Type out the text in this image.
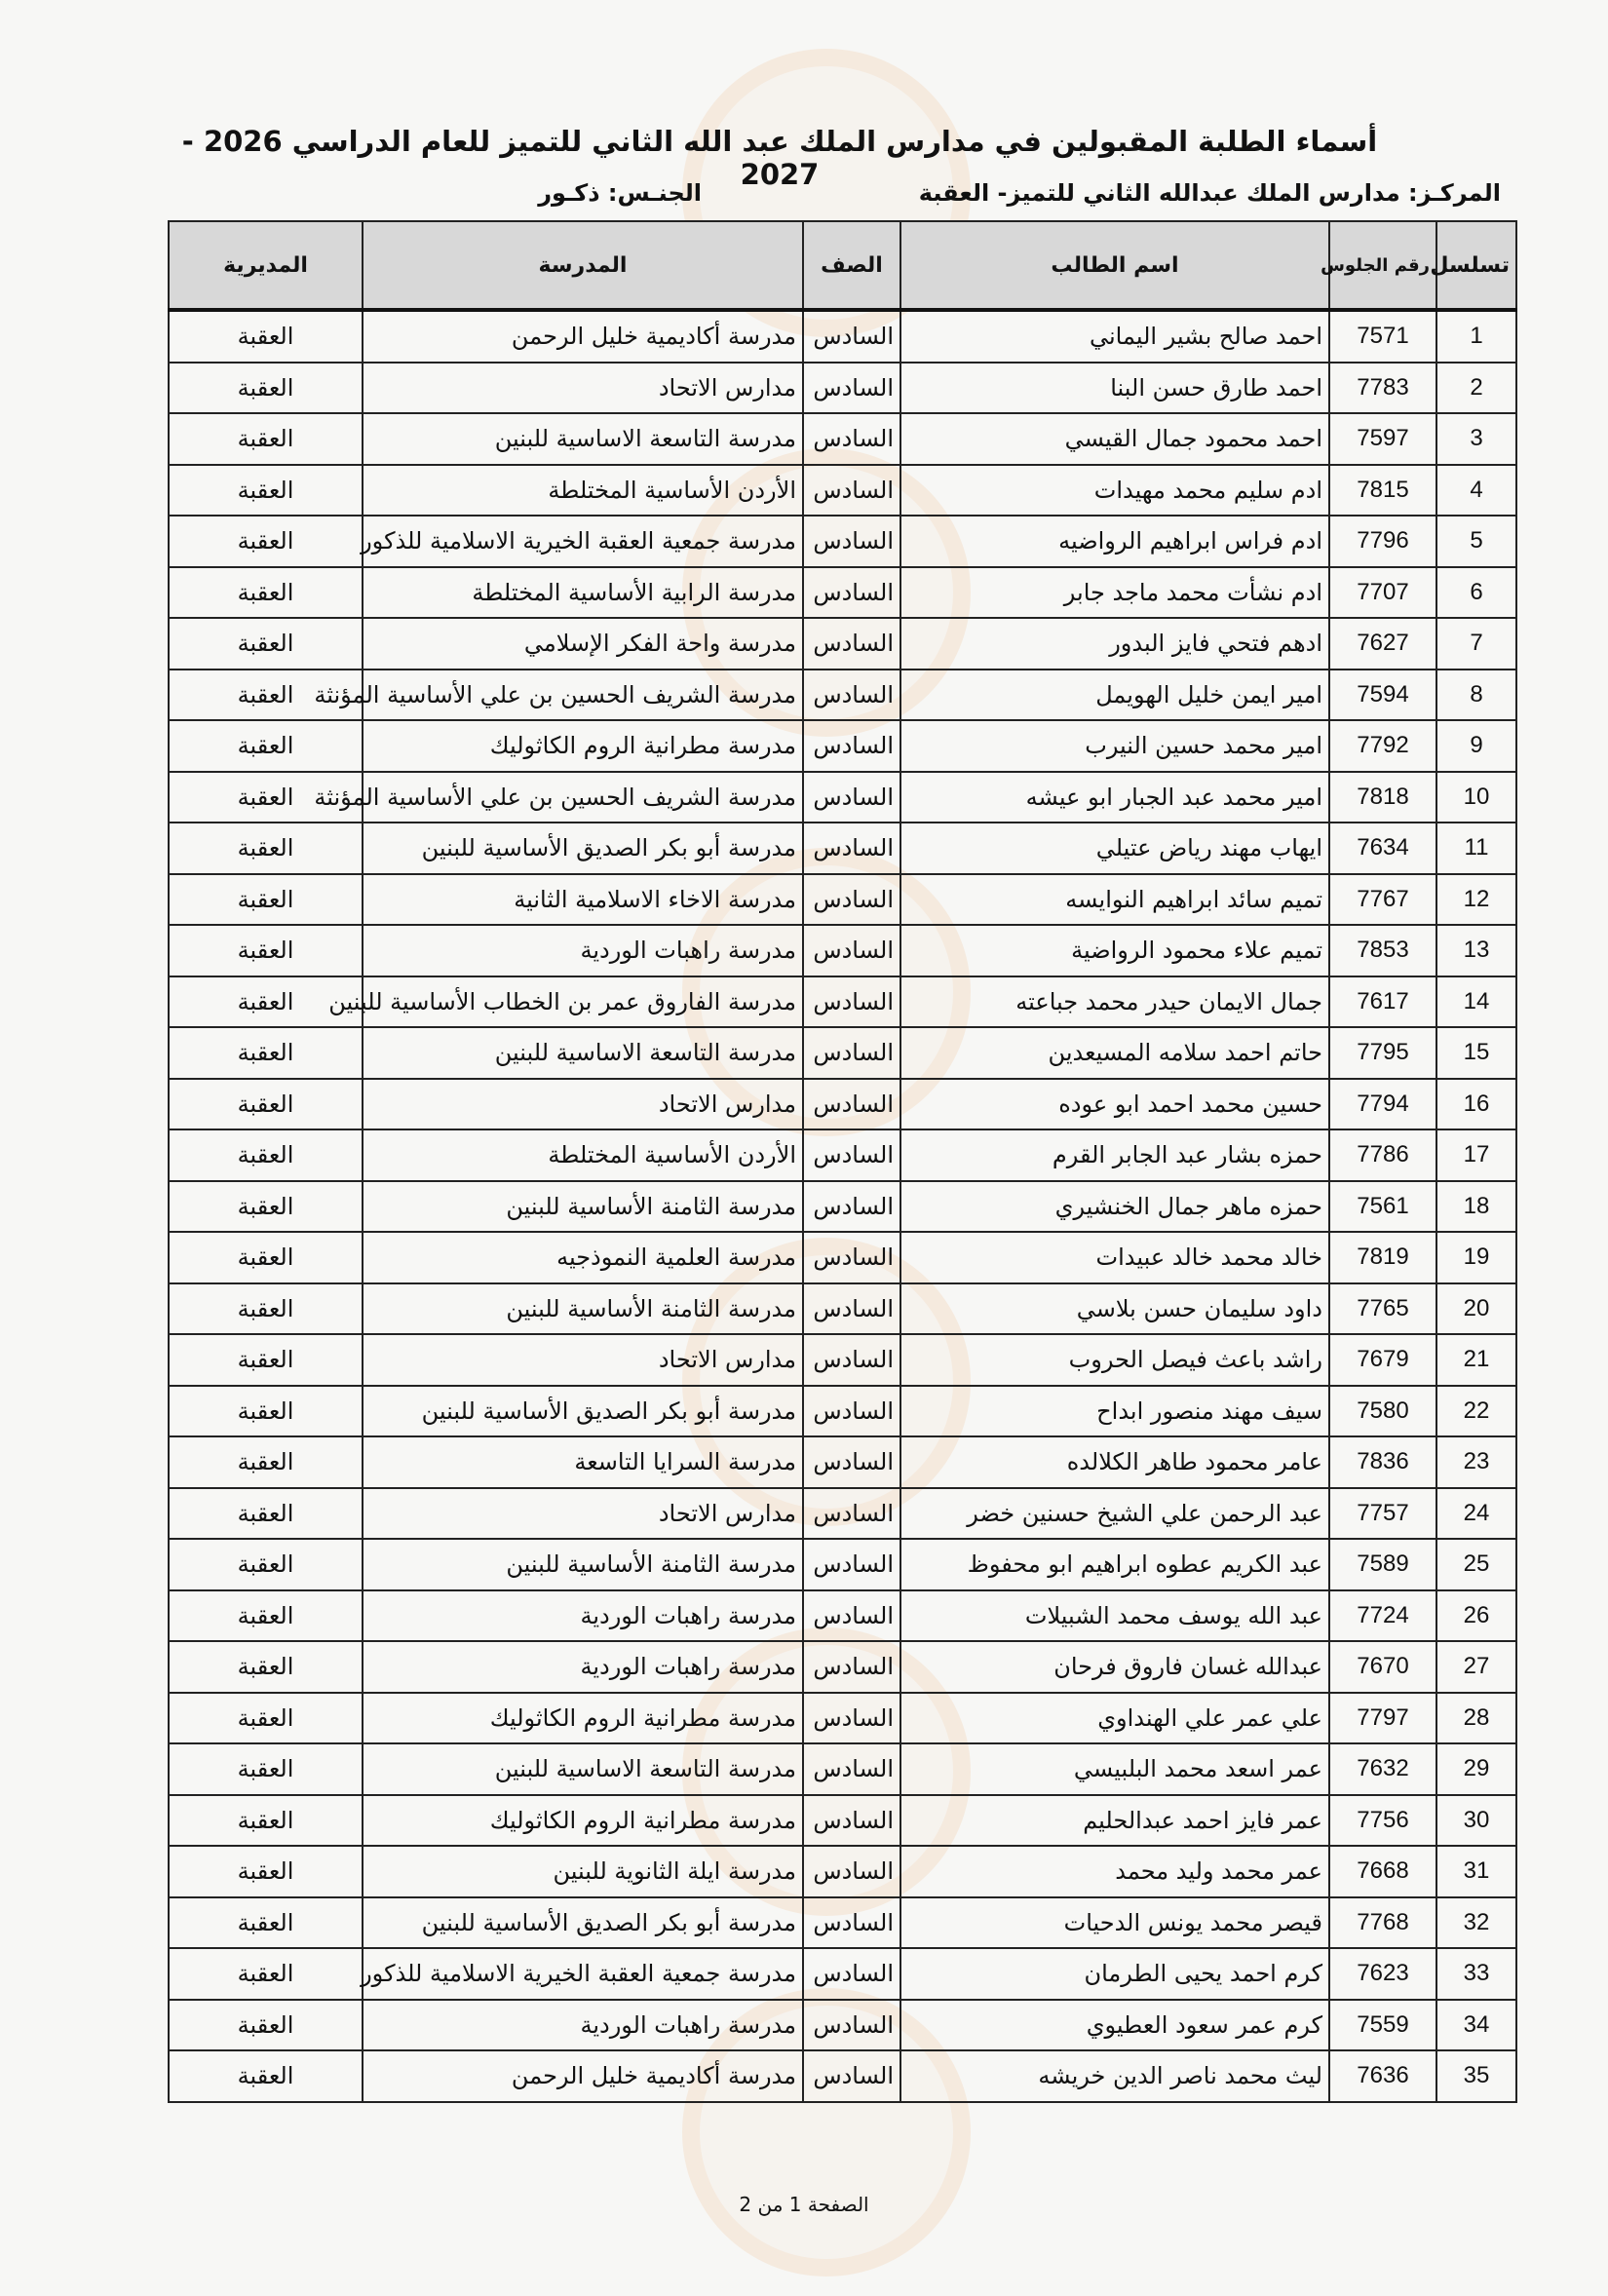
أسماء الطلبة المقبولين في مدارس الملك عبد الله الثاني للتميز للعام الدراسي 2026 - 2027
المركـز: مدارس الملك عبدالله الثاني للتميز- العقبة
الجنـس: ذكـور
تسلسل	رقم الجلوس	اسم الطالب	الصف	المدرسة	المديرية
1	7571	احمد صالح بشير اليماني	السادس	مدرسة أكاديمية خليل الرحمن	العقبة
2	7783	احمد طارق حسن البنا	السادس	مدارس الاتحاد	العقبة
3	7597	احمد محمود جمال القيسي	السادس	مدرسة التاسعة الاساسية للبنين	العقبة
4	7815	ادم سليم محمد مهيدات	السادس	الأردن الأساسية المختلطة	العقبة
5	7796	ادم فراس ابراهيم الرواضيه	السادس	مدرسة جمعية العقبة الخيرية الاسلامية للذكور	العقبة
6	7707	ادم نشأت محمد ماجد جابر	السادس	مدرسة الرابية الأساسية المختلطة	العقبة
7	7627	ادهم فتحي فايز البدور	السادس	مدرسة واحة الفكر الإسلامي	العقبة
8	7594	امير ايمن خليل الهويمل	السادس	مدرسة الشريف الحسين بن علي الأساسية المؤنثة	العقبة
9	7792	امير محمد حسين النيرب	السادس	مدرسة مطرانية الروم الكاثوليك	العقبة
10	7818	امير محمد عبد الجبار ابو عيشه	السادس	مدرسة الشريف الحسين بن علي الأساسية المؤنثة	العقبة
11	7634	ايهاب مهند رياض عتيلي	السادس	مدرسة أبو بكر الصديق الأساسية للبنين	العقبة
12	7767	تميم سائد ابراهيم النوايسه	السادس	مدرسة الاخاء الاسلامية الثانية	العقبة
13	7853	تميم علاء محمود الرواضية	السادس	مدرسة راهبات الوردية	العقبة
14	7617	جمال الايمان حيدر محمد جباعته	السادس	مدرسة الفاروق عمر بن الخطاب الأساسية للبنين	العقبة
15	7795	حاتم احمد سلامه المسيعدين	السادس	مدرسة التاسعة الاساسية للبنين	العقبة
16	7794	حسين محمد احمد ابو عوده	السادس	مدارس الاتحاد	العقبة
17	7786	حمزه بشار عبد الجابر القرم	السادس	الأردن الأساسية المختلطة	العقبة
18	7561	حمزه ماهر جمال الخنشيري	السادس	مدرسة الثامنة الأساسية للبنين	العقبة
19	7819	خالد محمد خالد عبيدات	السادس	مدرسة العلمية النموذجيه	العقبة
20	7765	داود سليمان حسن بلاسي	السادس	مدرسة الثامنة الأساسية للبنين	العقبة
21	7679	راشد باعث فيصل الحروب	السادس	مدارس الاتحاد	العقبة
22	7580	سيف مهند منصور ابداح	السادس	مدرسة أبو بكر الصديق الأساسية للبنين	العقبة
23	7836	عامر محمود طاهر الكلالده	السادس	مدرسة السرايا التاسعة	العقبة
24	7757	عبد الرحمن علي الشيخ حسنين خضر	السادس	مدارس الاتحاد	العقبة
25	7589	عبد الكريم عطوه ابراهيم ابو محفوظ	السادس	مدرسة الثامنة الأساسية للبنين	العقبة
26	7724	عبد الله يوسف محمد الشبيلات	السادس	مدرسة راهبات الوردية	العقبة
27	7670	عبدالله غسان فاروق فرحان	السادس	مدرسة راهبات الوردية	العقبة
28	7797	علي عمر علي الهنداوي	السادس	مدرسة مطرانية الروم الكاثوليك	العقبة
29	7632	عمر اسعد محمد البلبيسي	السادس	مدرسة التاسعة الاساسية للبنين	العقبة
30	7756	عمر فايز احمد عبدالحليم	السادس	مدرسة مطرانية الروم الكاثوليك	العقبة
31	7668	عمر محمد وليد محمد	السادس	مدرسة ايلة الثانوية للبنين	العقبة
32	7768	قيصر محمد يونس الدحيات	السادس	مدرسة أبو بكر الصديق الأساسية للبنين	العقبة
33	7623	كرم احمد يحيى الطرمان	السادس	مدرسة جمعية العقبة الخيرية الاسلامية للذكور	العقبة
34	7559	كرم عمر سعود العطيوي	السادس	مدرسة راهبات الوردية	العقبة
35	7636	ليث محمد ناصر الدين خريشه	السادس	مدرسة أكاديمية خليل الرحمن	العقبة
الصفحة 1 من 2
